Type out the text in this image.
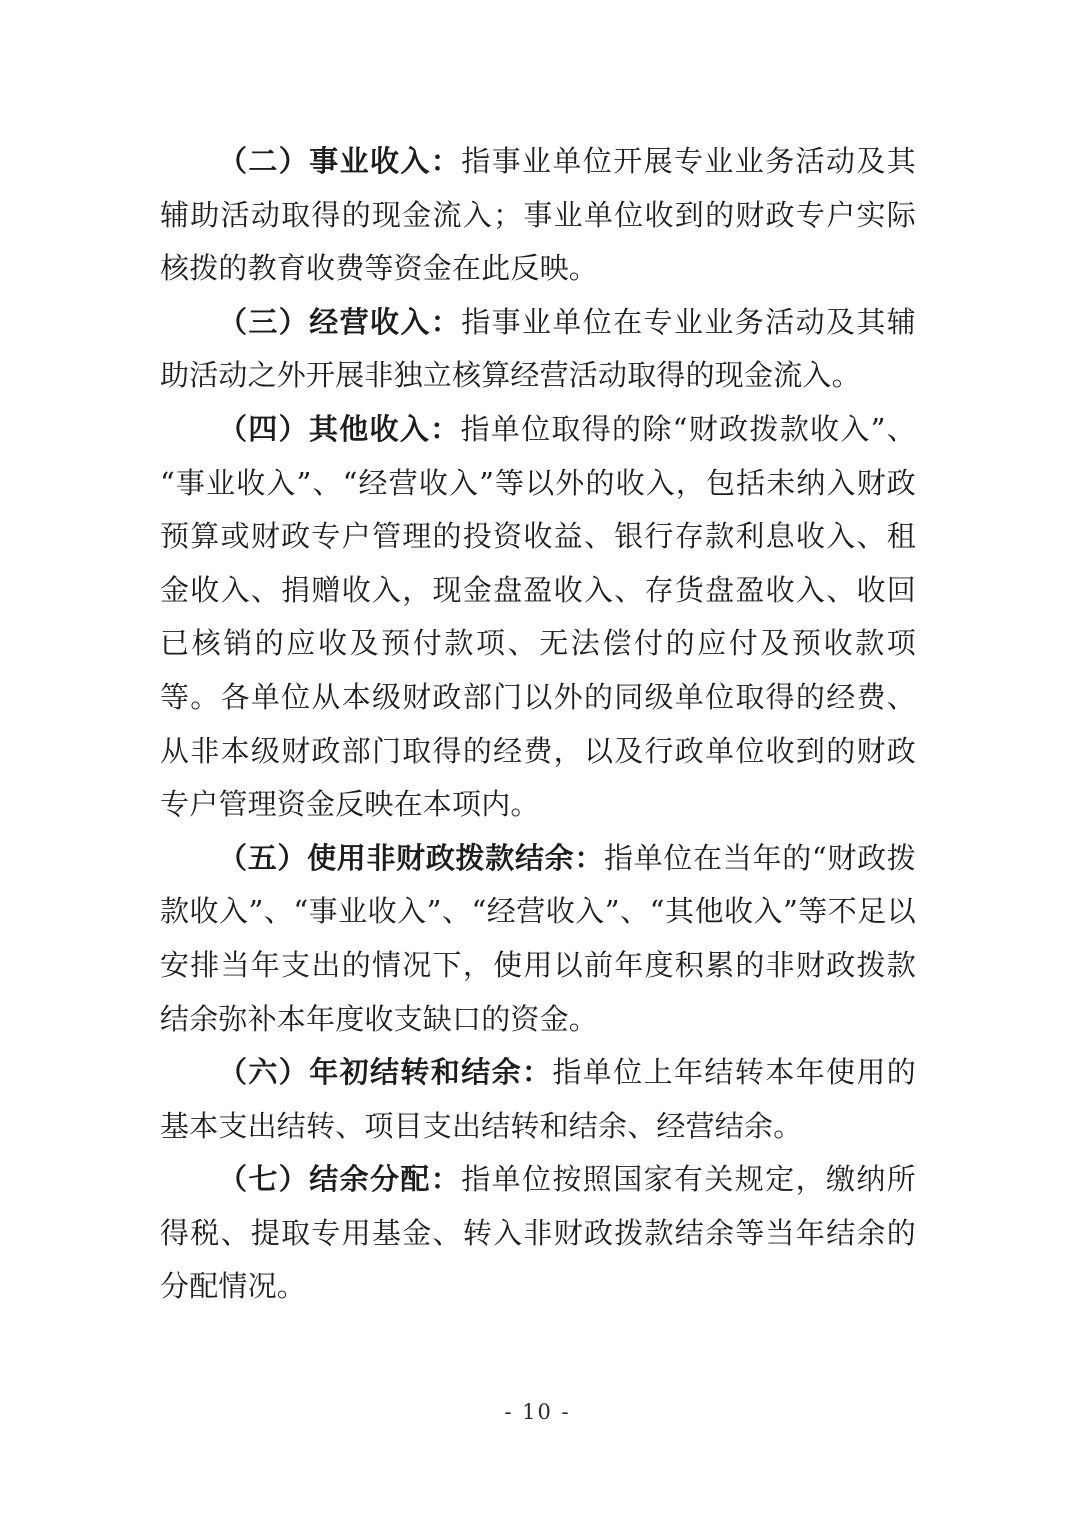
（二）事业收入：指事业单位开展专业业务活动及其辅助活动取得的现金流入；事业单位收到的财政专户实际核拨的教育收费等资金在此反映。

（三）经营收入：指事业单位在专业业务活动及其辅助活动之外开展非独立核算经营活动取得的现金流入。

（四）其他收入：指单位取得的除“财政拨款收入”、“事业收入”、“经营收入”等以外的收入，包括未纳入财政预算或财政专户管理的投资收益、银行存款利息收入、租金收入、捐赠收入，现金盘盈收入、存货盘盈收入、收回已核销的应收及预付款项、无法偿付的应付及预收款项等。各单位从本级财政部门以外的同级单位取得的经费、从非本级财政部门取得的经费，以及行政单位收到的财政专户管理资金反映在本项内。

（五）使用非财政拨款结余：指单位在当年的“财政拨款收入”、“事业收入”、“经营收入”、“其他收入”等不足以安排当年支出的情况下，使用以前年度积累的非财政拨款结余弥补本年度收支缺口的资金。

（六）年初结转和结余：指单位上年结转本年使用的基本支出结转、项目支出结转和结余、经营结余。

（七）结余分配：指单位按照国家有关规定，缴纳所得税、提取专用基金、转入非财政拨款结余等当年结余的分配情况。

- 10 -
